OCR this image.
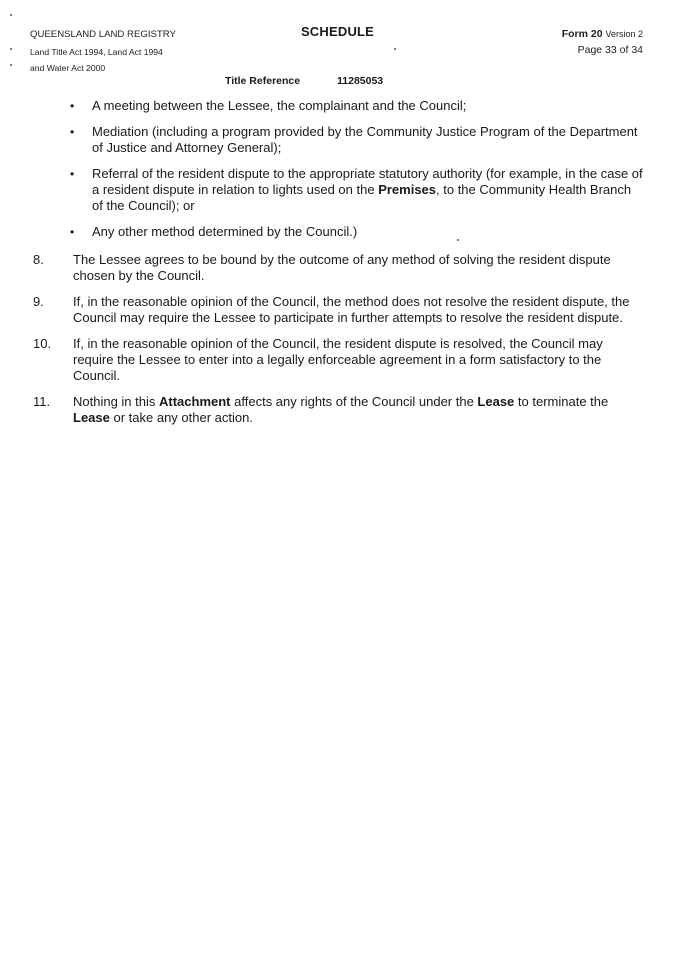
QUEENSLAND LAND REGISTRY
Land Title Act 1994, Land Act 1994
and Water Act 2000
SCHEDULE	Form 20 Version 2
Page 33 of 34
Title Reference	11285053
• A meeting between the Lessee, the complainant and the Council;
• Mediation (including a program provided by the Community Justice Program of the Department of Justice and Attorney General);
• Referral of the resident dispute to the appropriate statutory authority (for example, in the case of a resident dispute in relation to lights used on the Premises, to the Community Health Branch of the Council); or
• Any other method determined by the Council.)
8. The Lessee agrees to be bound by the outcome of any method of solving the resident dispute chosen by the Council.
9. If, in the reasonable opinion of the Council, the method does not resolve the resident dispute, the Council may require the Lessee to participate in further attempts to resolve the resident dispute.
10. If, in the reasonable opinion of the Council, the resident dispute is resolved, the Council may require the Lessee to enter into a legally enforceable agreement in a form satisfactory to the Council.
11. Nothing in this Attachment affects any rights of the Council under the Lease to terminate the Lease or take any other action.
